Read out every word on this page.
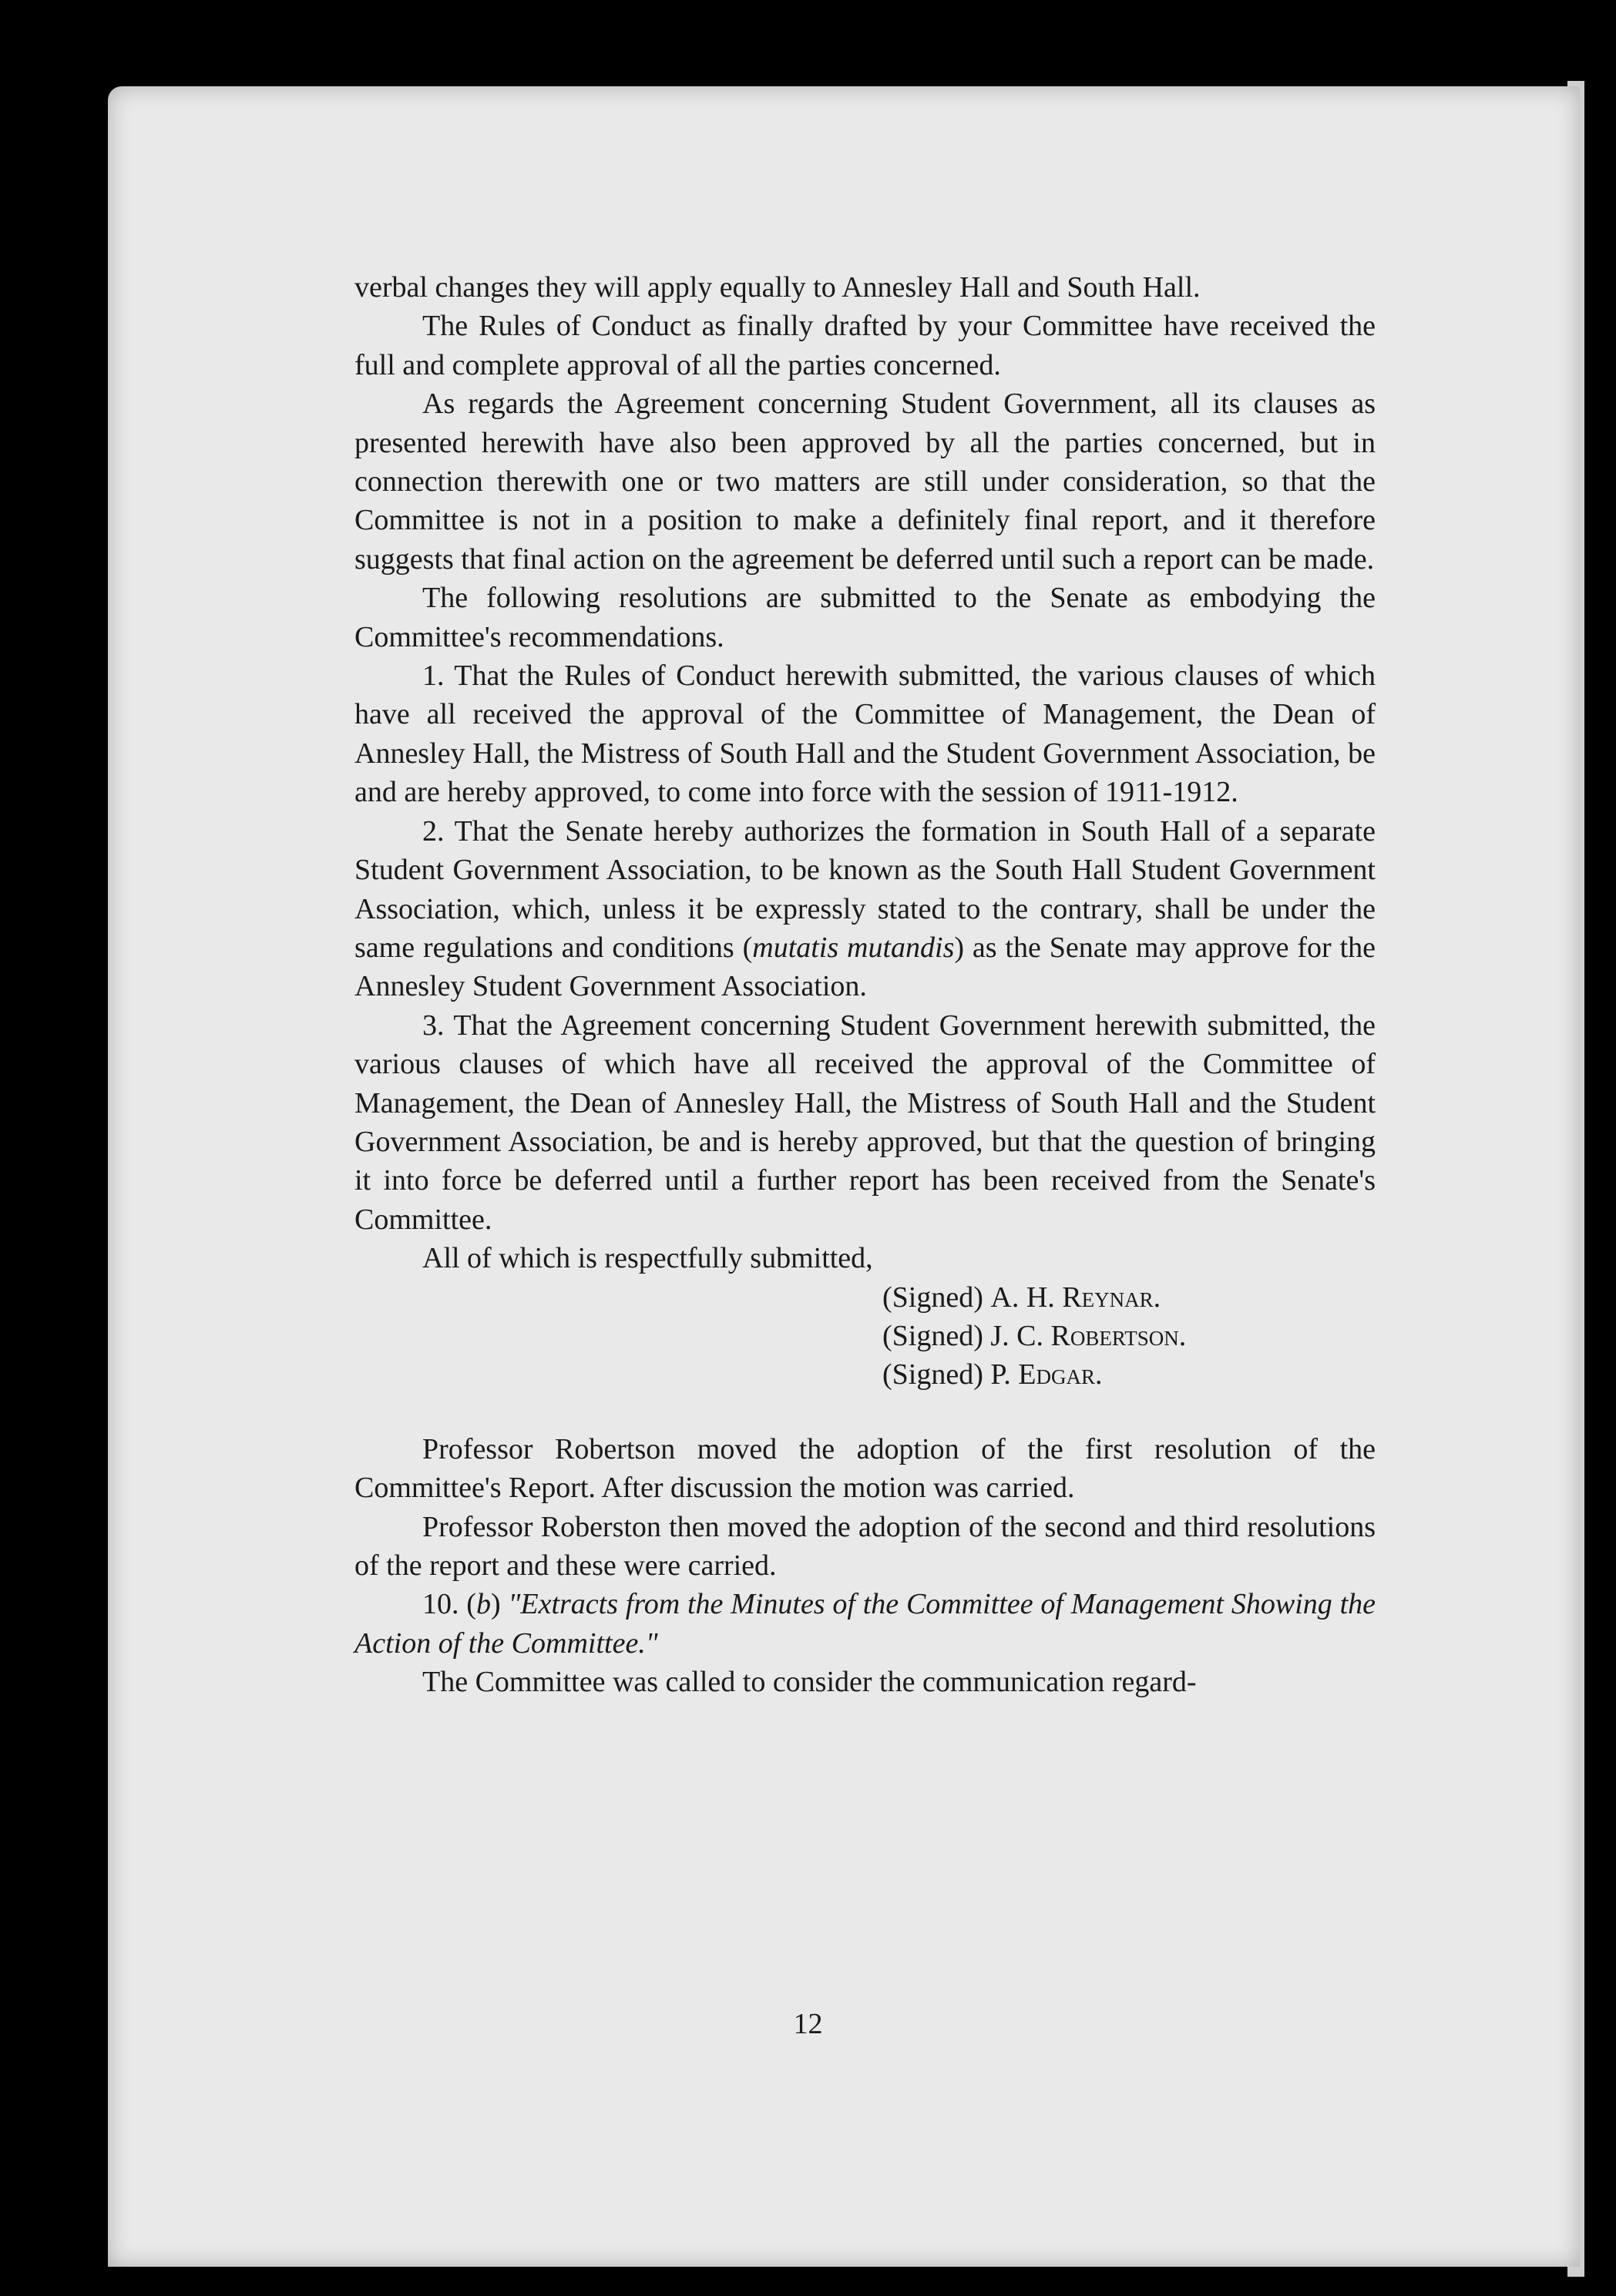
verbal changes they will apply equally to Annesley Hall and South Hall.

The Rules of Conduct as finally drafted by your Committee have received the full and complete approval of all the parties concerned.

As regards the Agreement concerning Student Government, all its clauses as presented herewith have also been approved by all the parties concerned, but in connection therewith one or two matters are still under consideration, so that the Committee is not in a position to make a definitely final report, and it therefore suggests that final action on the agreement be deferred until such a report can be made.

The following resolutions are submitted to the Senate as embodying the Committee's recommendations.

1. That the Rules of Conduct herewith submitted, the various clauses of which have all received the approval of the Committee of Management, the Dean of Annesley Hall, the Mistress of South Hall and the Student Government Association, be and are hereby approved, to come into force with the session of 1911-1912.

2. That the Senate hereby authorizes the formation in South Hall of a separate Student Government Association, to be known as the South Hall Student Government Association, which, unless it be expressly stated to the contrary, shall be under the same regulations and conditions (mutatis mutandis) as the Senate may approve for the Annesley Student Government Association.

3. That the Agreement concerning Student Government herewith submitted, the various clauses of which have all received the approval of the Committee of Management, the Dean of Annesley Hall, the Mistress of South Hall and the Student Government Association, be and is hereby approved, but that the question of bringing it into force be deferred until a further report has been received from the Senate's Committee.

All of which is respectfully submitted,

(Signed) A. H. Reynar.
(Signed) J. C. Robertson.
(Signed) P. Edgar.

Professor Robertson moved the adoption of the first resolution of the Committee's Report. After discussion the motion was carried.

Professor Roberston then moved the adoption of the second and third resolutions of the report and these were carried.

10. (b) "Extracts from the Minutes of the Committee of Management Showing the Action of the Committee."

The Committee was called to consider the communication regard-

12
